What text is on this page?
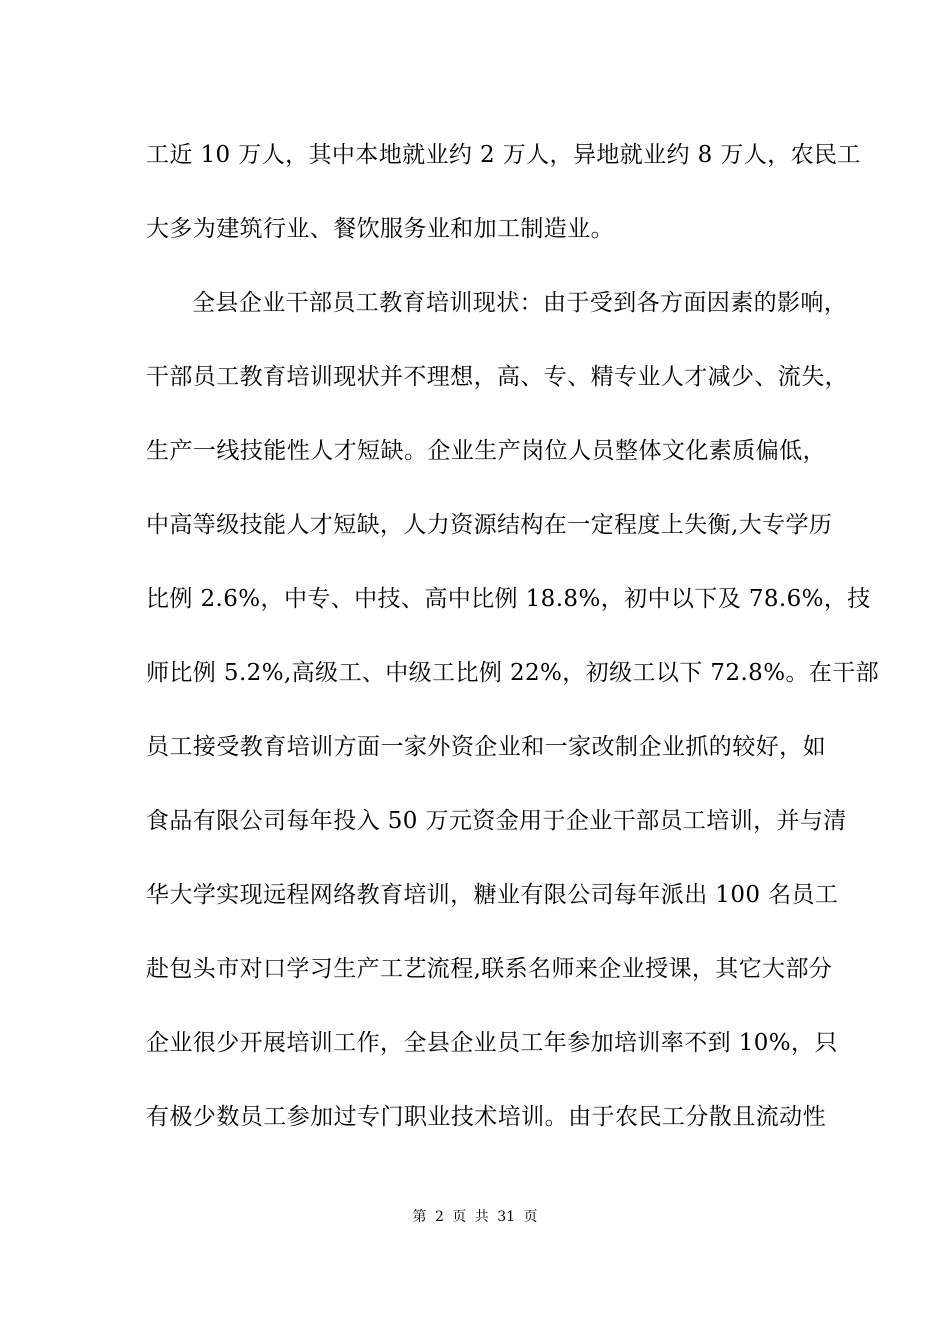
工近 10 万人，其中本地就业约 2 万人，异地就业约 8 万人，农民工
大多为建筑行业、餐饮服务业和加工制造业。
全县企业干部员工教育培训现状：由于受到各方面因素的影响，
干部员工教育培训现状并不理想，高、专、精专业人才减少、流失，
生产一线技能性人才短缺。企业生产岗位人员整体文化素质偏低，
中高等级技能人才短缺，人力资源结构在一定程度上失衡,大专学历
比例 2.6%，中专、中技、高中比例 18.8%，初中以下及 78.6%，技
师比例 5.2%,高级工、中级工比例 22%，初级工以下 72.8%。在干部
员工接受教育培训方面一家外资企业和一家改制企业抓的较好，如
食品有限公司每年投入 50 万元资金用于企业干部员工培训，并与清
华大学实现远程网络教育培训，糖业有限公司每年派出 100 名员工
赴包头市对口学习生产工艺流程,联系名师来企业授课，其它大部分
企业很少开展培训工作，全县企业员工年参加培训率不到 10%，只
有极少数员工参加过专门职业技术培训。由于农民工分散且流动性
第 2 页 共 31 页
